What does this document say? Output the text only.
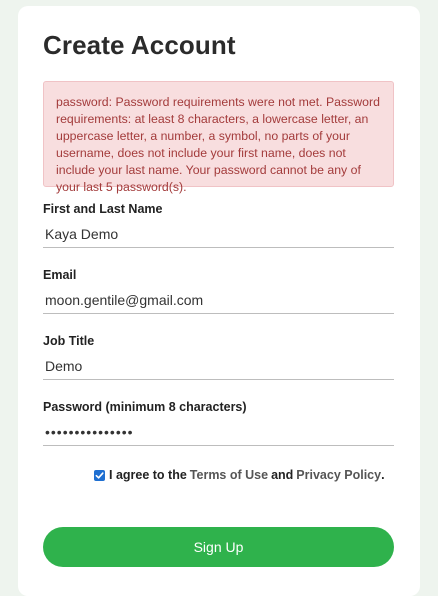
Create Account
password: Password requirements were not met. Password requirements: at least 8 characters, a lowercase letter, an uppercase letter, a number, a symbol, no parts of your username, does not include your first name, does not include your last name. Your password cannot be any of your last 5 password(s).
First and Last Name
Kaya Demo
Email
moon.gentile@gmail.com
Job Title
Demo
Password (minimum 8 characters)
•••••••••••••••
I agree to the Terms of Use and Privacy Policy .
Sign Up
